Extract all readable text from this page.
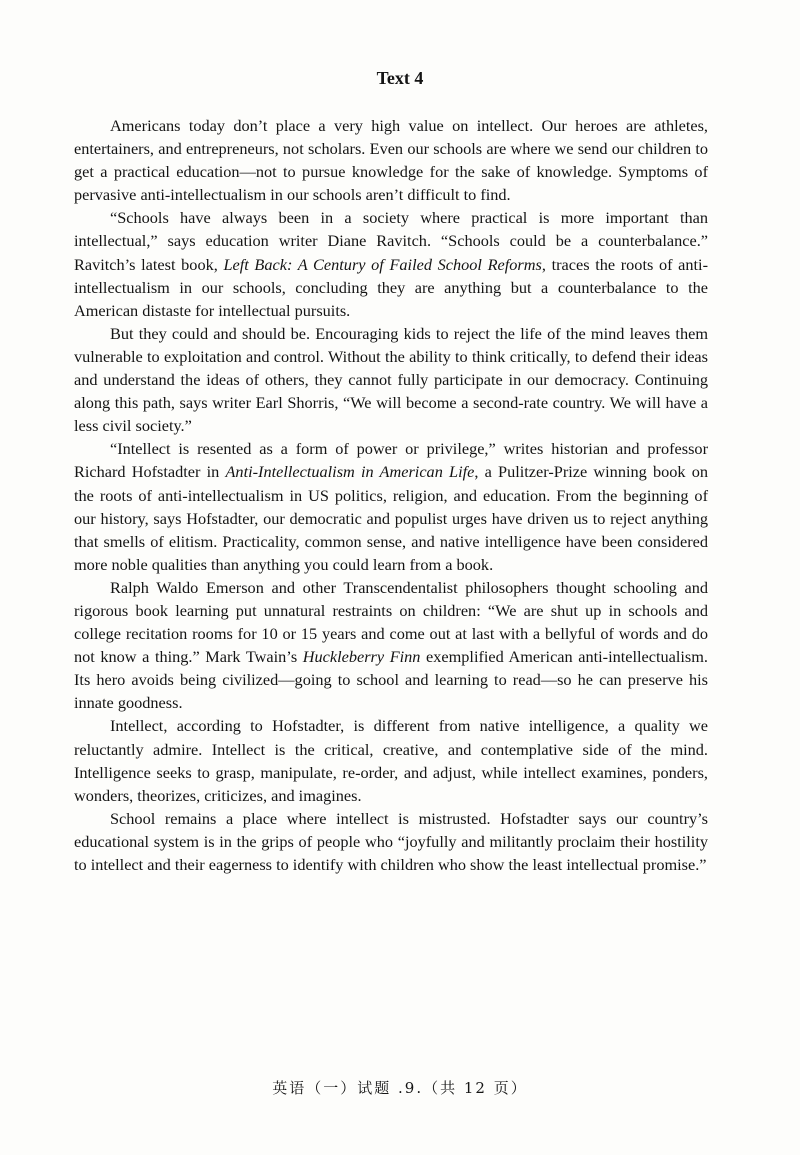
Text 4

Americans today don’t place a very high value on intellect. Our heroes are athletes, entertainers, and entrepreneurs, not scholars. Even our schools are where we send our children to get a practical education—not to pursue knowledge for the sake of knowledge. Symptoms of pervasive anti-intellectualism in our schools aren’t difficult to find.

“Schools have always been in a society where practical is more important than intellectual,” says education writer Diane Ravitch. “Schools could be a counterbalance.” Ravitch’s latest book, Left Back: A Century of Failed School Reforms, traces the roots of anti-intellectualism in our schools, concluding they are anything but a counterbalance to the American distaste for intellectual pursuits.

But they could and should be. Encouraging kids to reject the life of the mind leaves them vulnerable to exploitation and control. Without the ability to think critically, to defend their ideas and understand the ideas of others, they cannot fully participate in our democracy. Continuing along this path, says writer Earl Shorris, “We will become a second-rate country. We will have a less civil society.”

“Intellect is resented as a form of power or privilege,” writes historian and professor Richard Hofstadter in Anti-Intellectualism in American Life, a Pulitzer-Prize winning book on the roots of anti-intellectualism in US politics, religion, and education. From the beginning of our history, says Hofstadter, our democratic and populist urges have driven us to reject anything that smells of elitism. Practicality, common sense, and native intelligence have been considered more noble qualities than anything you could learn from a book.

Ralph Waldo Emerson and other Transcendentalist philosophers thought schooling and rigorous book learning put unnatural restraints on children: “We are shut up in schools and college recitation rooms for 10 or 15 years and come out at last with a bellyful of words and do not know a thing.” Mark Twain’s Huckleberry Finn exemplified American anti-intellectualism. Its hero avoids being civilized—going to school and learning to read—so he can preserve his innate goodness.

Intellect, according to Hofstadter, is different from native intelligence, a quality we reluctantly admire. Intellect is the critical, creative, and contemplative side of the mind. Intelligence seeks to grasp, manipulate, re-order, and adjust, while intellect examines, ponders, wonders, theorizes, criticizes, and imagines.

School remains a place where intellect is mistrusted. Hofstadter says our country’s educational system is in the grips of people who “joyfully and militantly proclaim their hostility to intellect and their eagerness to identify with children who show the least intellectual promise.”

英语（一）试题 .9.（共 12 页）
